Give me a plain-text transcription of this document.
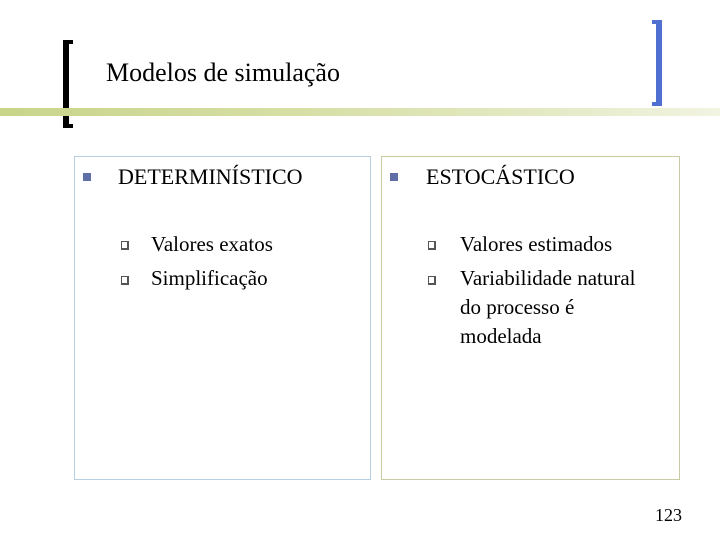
Modelos de simulação
DETERMINÍSTICO
Valores exatos
Simplificação
ESTOCÁSTICO
Valores estimados
Variabilidade natural
do processo é
modelada
123
